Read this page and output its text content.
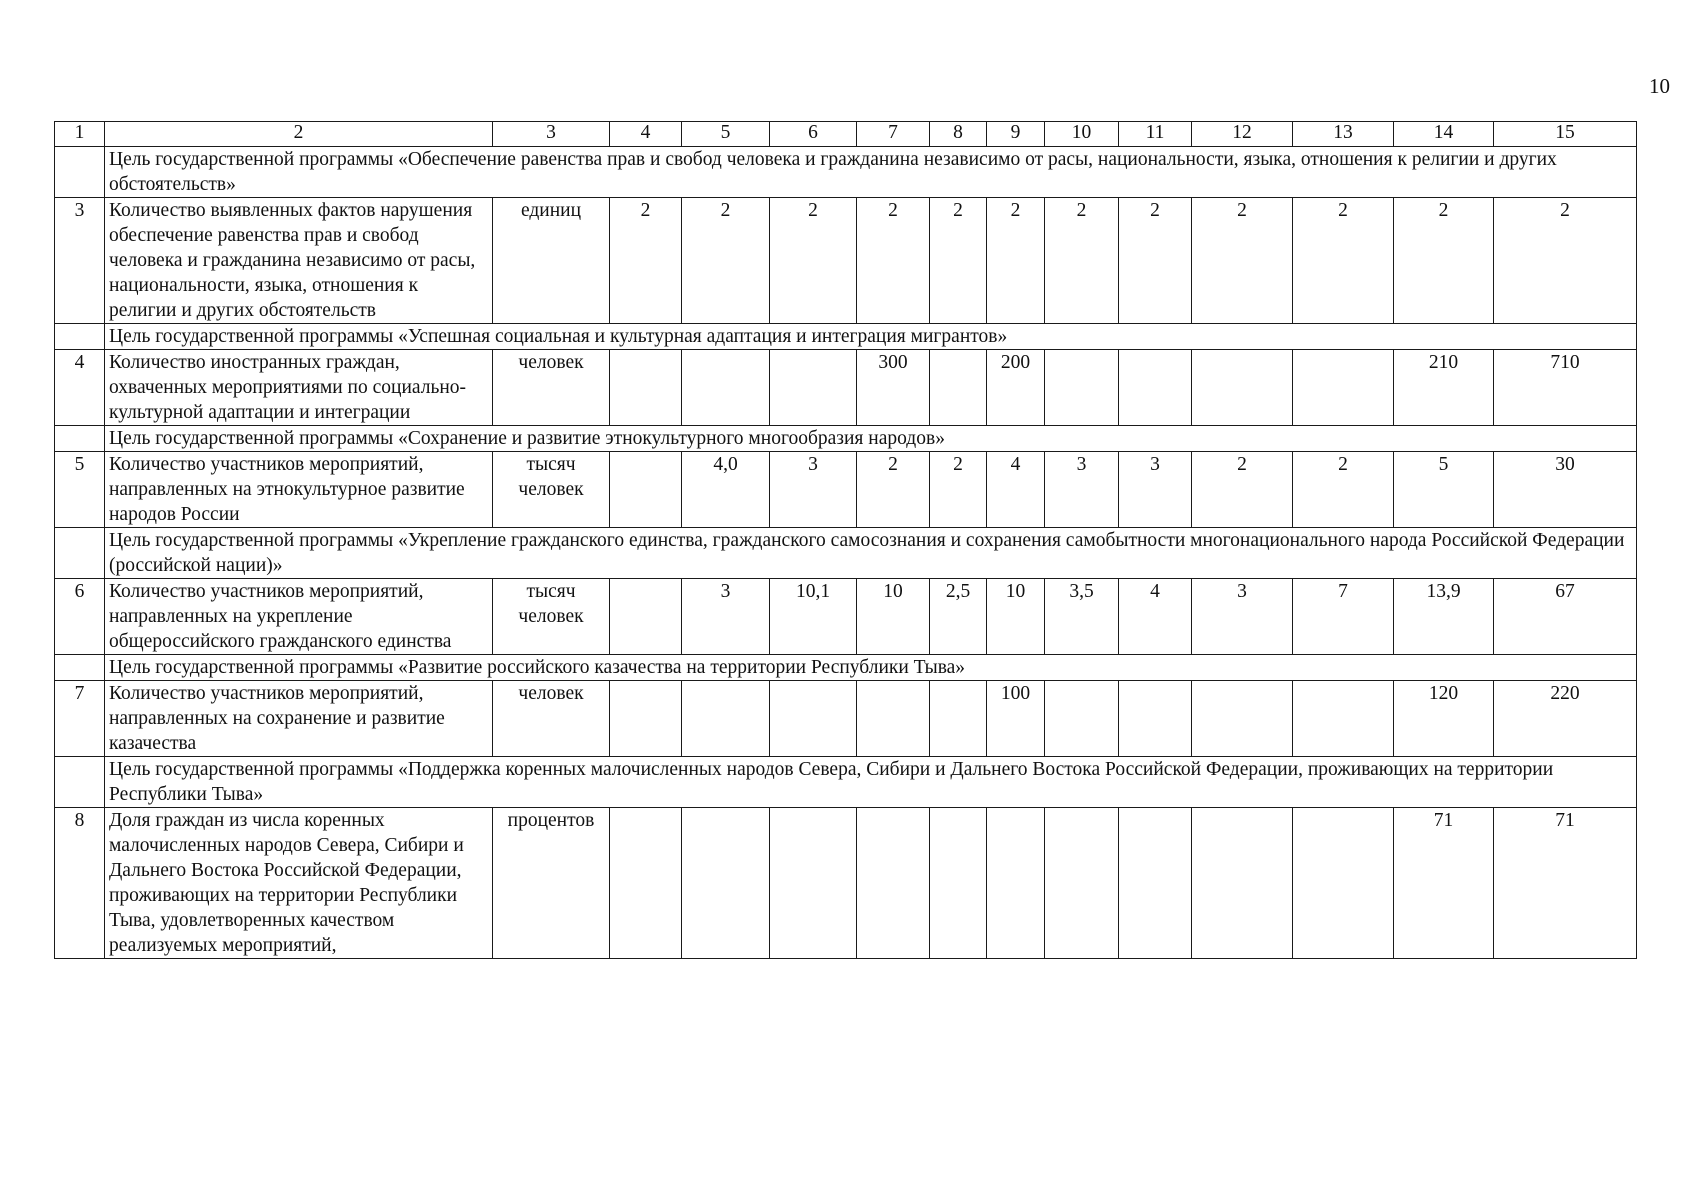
10
1	2	3	4	5	6	7	8	9	10	11	12	13	14	15
	Цель государственной программы «Обеспечение равенства прав и свобод человека и гражданина независимо от расы, национальности, языка, отношения к религии и других обстоятельств»													
3	Количество выявленных фактов нарушения обеспечение равенства прав и свобод человека и гражданина независимо от расы, национальности, языка, отношения к религии и других обстоятельств	единиц	2	2	2	2	2	2	2	2	2	2	2	2
	Цель государственной программы «Успешная социальная и культурная адаптация и интеграция мигрантов»													
4	Количество иностранных граждан, охваченных мероприятиями по социально-культурной адаптации и интеграции	человек				300		200					210	710
	Цель государственной программы «Сохранение и развитие этнокультурного многообразия народов»													
5	Количество участников мероприятий, направленных на этнокультурное развитие народов России	тысяч человек		4,0	3	2	2	4	3	3	2	2	5	30
	Цель государственной программы «Укрепление гражданского единства, гражданского самосознания и сохранения самобытности многонационального народа Российской Федерации (российской нации)»													
6	Количество участников мероприятий, направленных на укрепление общероссийского гражданского единства	тысяч человек		3	10,1	10	2,5	10	3,5	4	3	7	13,9	67
	Цель государственной программы «Развитие российского казачества на территории Республики Тыва»													
7	Количество участников мероприятий, направленных на сохранение и развитие казачества	человек						100					120	220
	Цель государственной программы «Поддержка коренных малочисленных народов Севера, Сибири и Дальнего Востока Российской Федерации, проживающих на территории Республики Тыва»													
8	Доля граждан из числа коренных малочисленных народов Севера, Сибири и Дальнего Востока Российской Федерации, проживающих на территории Республики Тыва, удовлетворенных качеством реализуемых мероприятий,	процентов											71	71
